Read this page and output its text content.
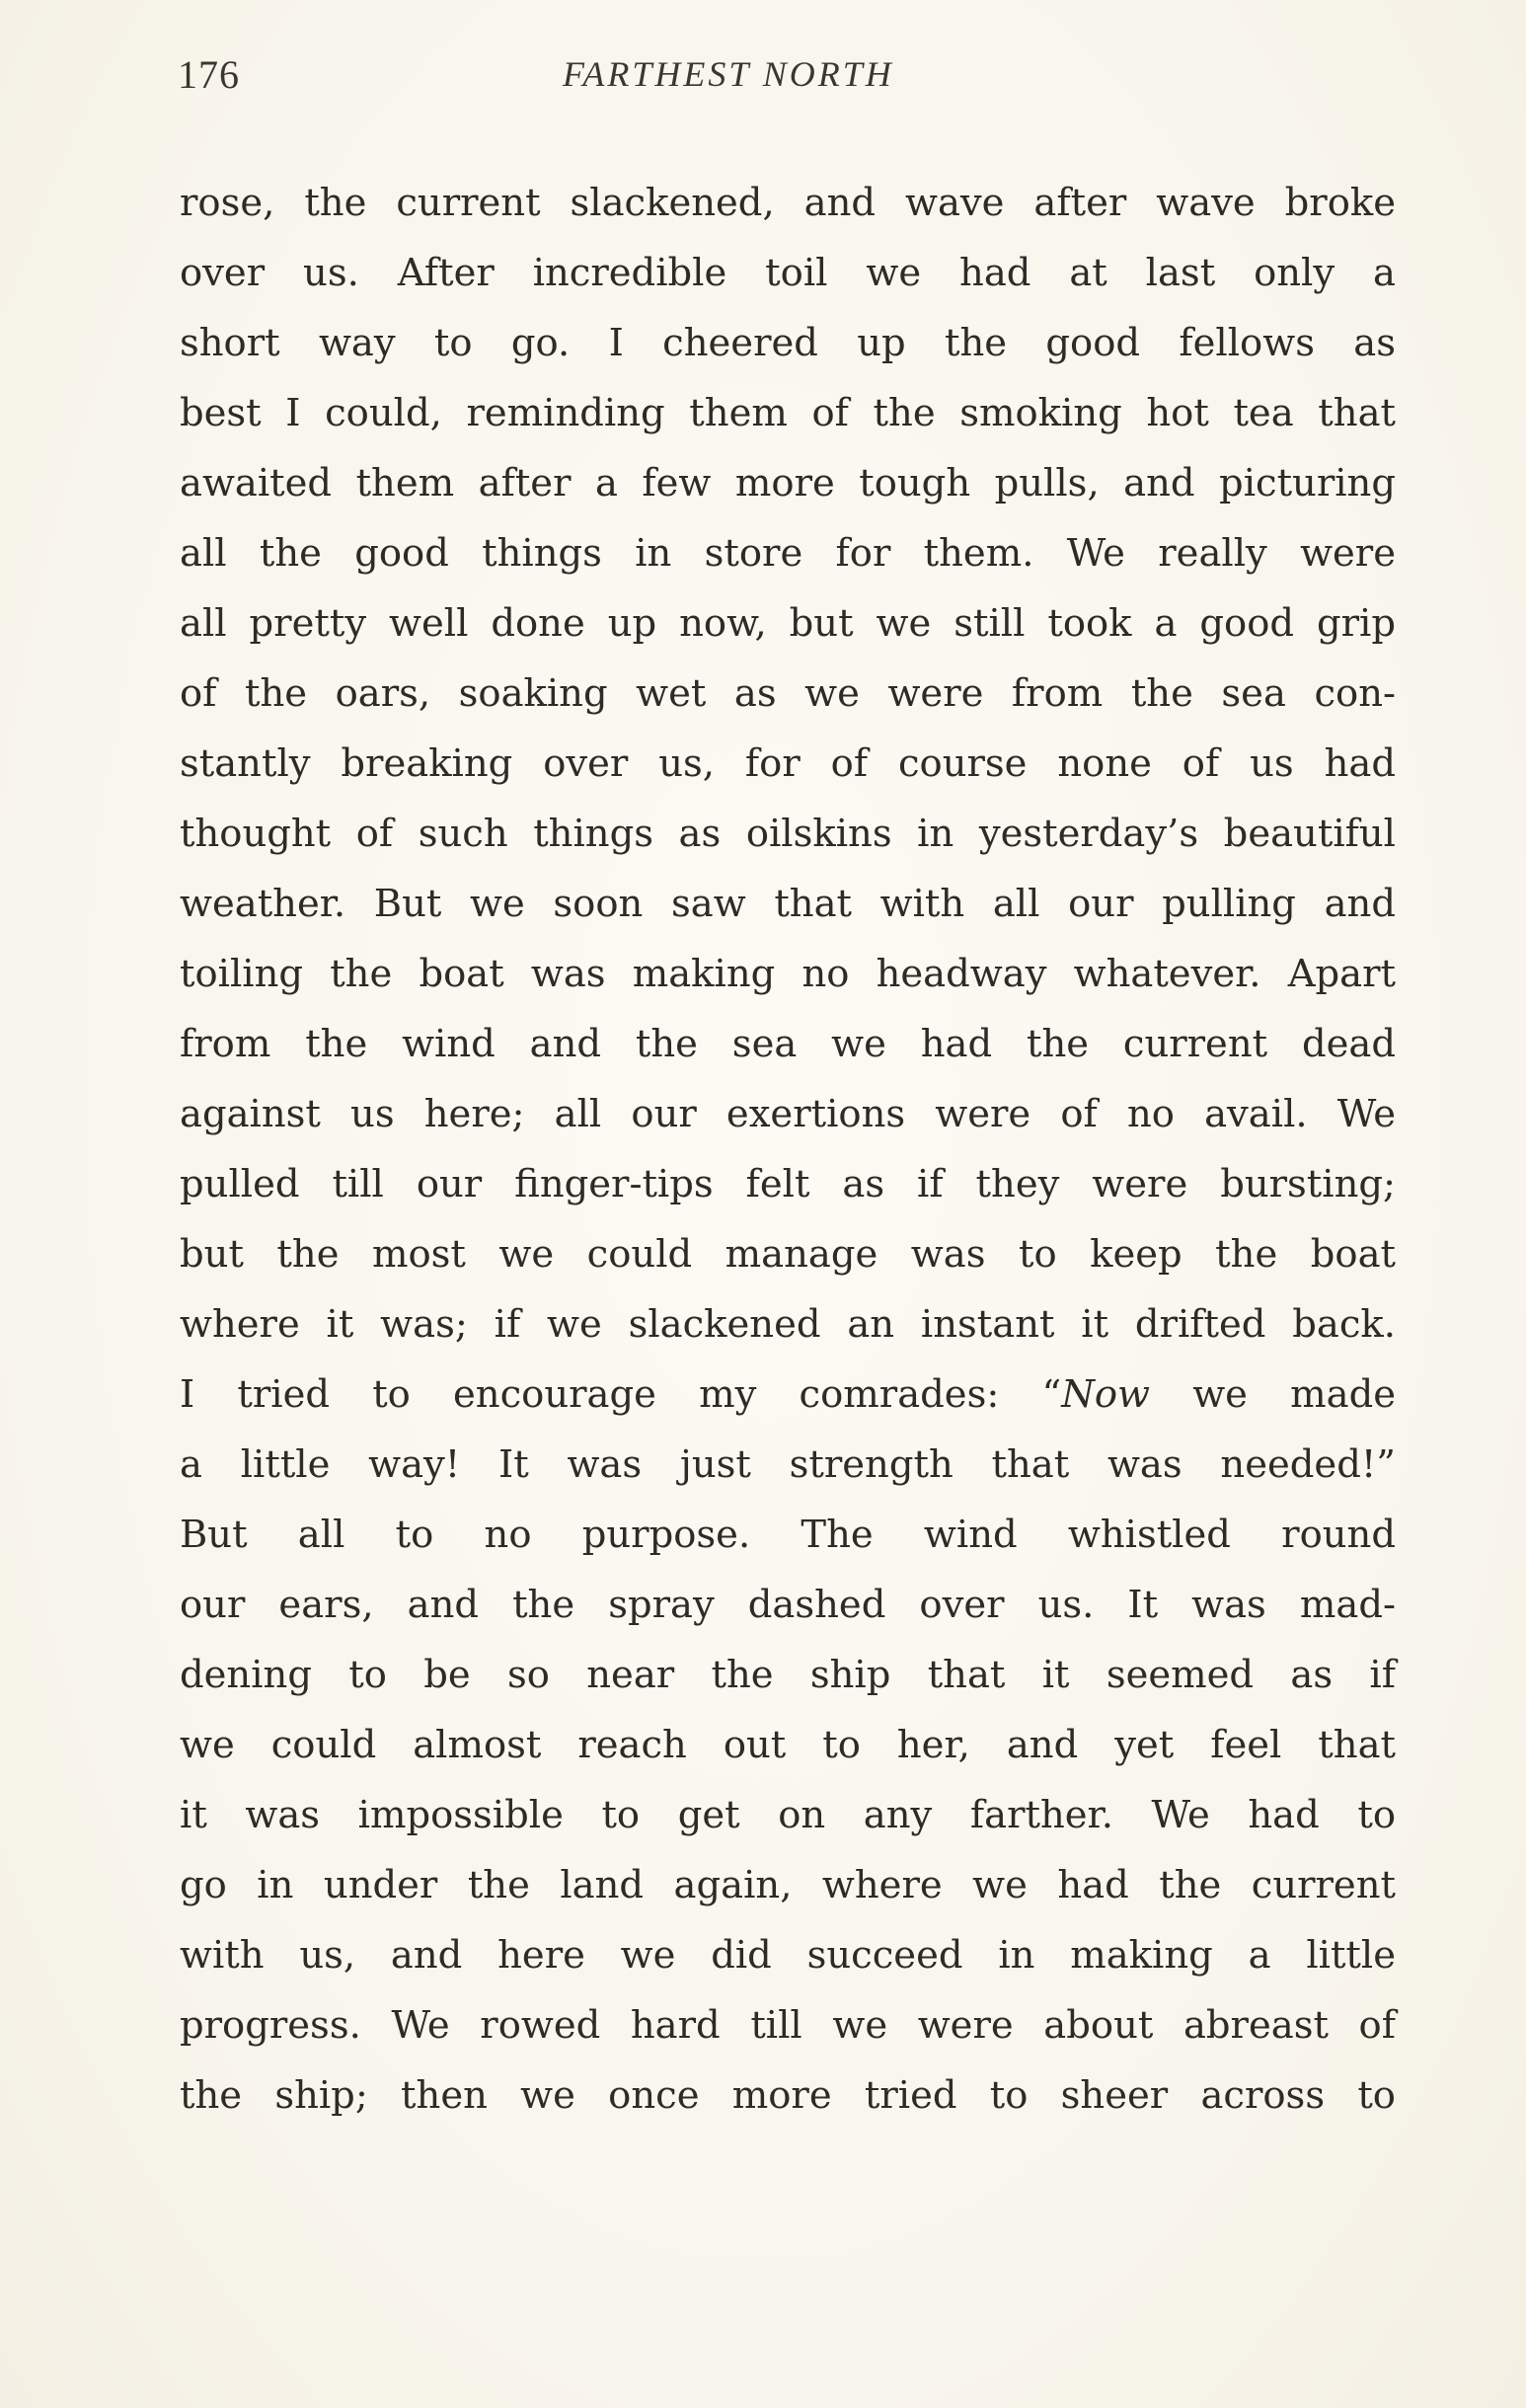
176	FARTHEST NORTH
rose, the current slackened, and wave after wave broke
over us. After incredible toil we had at last only a
short way to go. I cheered up the good fellows as
best I could, reminding them of the smoking hot tea that
awaited them after a few more tough pulls, and picturing
all the good things in store for them. We really were
all pretty well done up now, but we still took a good grip
of the oars, soaking wet as we were from the sea con-
stantly breaking over us, for of course none of us had
thought of such things as oilskins in yesterday’s beautiful
weather. But we soon saw that with all our pulling and
toiling the boat was making no headway whatever. Apart
from the wind and the sea we had the current dead
against us here; all our exertions were of no avail. We
pulled till our finger-tips felt as if they were bursting;
but the most we could manage was to keep the boat
where it was; if we slackened an instant it drifted back.
I tried to encourage my comrades: “Now we made
a little way! It was just strength that was needed!”
But all to no purpose. The wind whistled round
our ears, and the spray dashed over us. It was mad-
dening to be so near the ship that it seemed as if
we could almost reach out to her, and yet feel that
it was impossible to get on any farther. We had to
go in under the land again, where we had the current
with us, and here we did succeed in making a little
progress. We rowed hard till we were about abreast of
the ship; then we once more tried to sheer across to
